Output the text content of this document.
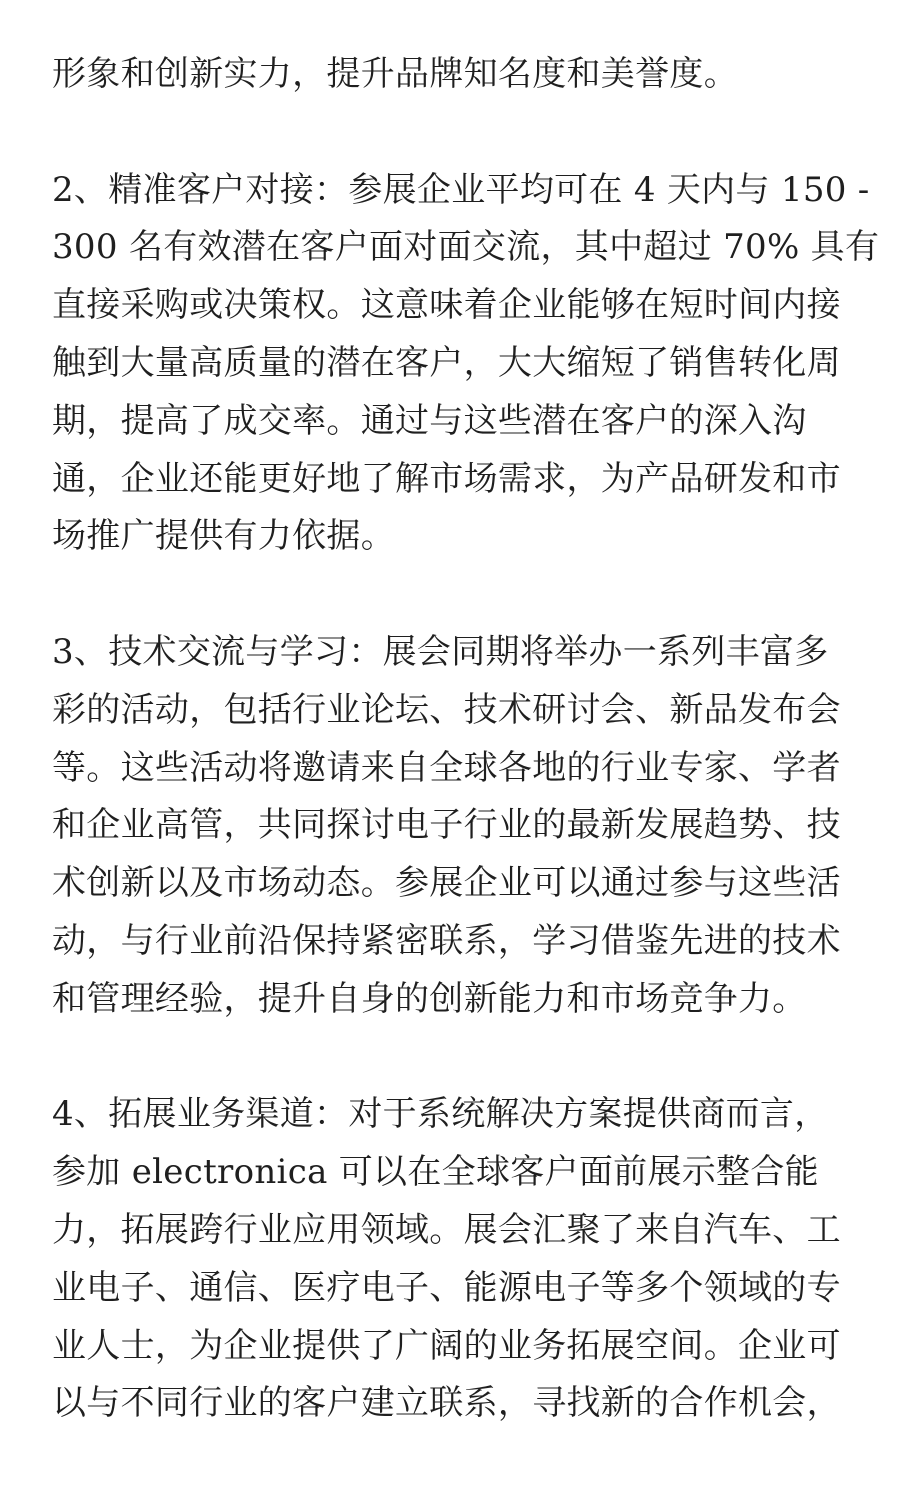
形象和创新实力，提升品牌知名度和美誉度。

2、精准客户对接：参展企业平均可在 4 天内与 150 -
300 名有效潜在客户面对面交流，其中超过 70% 具有
直接采购或决策权。这意味着企业能够在短时间内接
触到大量高质量的潜在客户，大大缩短了销售转化周
期，提高了成交率。通过与这些潜在客户的深入沟
通，企业还能更好地了解市场需求，为产品研发和市
场推广提供有力依据。

3、技术交流与学习：展会同期将举办一系列丰富多
彩的活动，包括行业论坛、技术研讨会、新品发布会
等。这些活动将邀请来自全球各地的行业专家、学者
和企业高管，共同探讨电子行业的最新发展趋势、技
术创新以及市场动态。参展企业可以通过参与这些活
动，与行业前沿保持紧密联系，学习借鉴先进的技术
和管理经验，提升自身的创新能力和市场竞争力。

4、拓展业务渠道：对于系统解决方案提供商而言，
参加 electronica 可以在全球客户面前展示整合能
力，拓展跨行业应用领域。展会汇聚了来自汽车、工
业电子、通信、医疗电子、能源电子等多个领域的专
业人士，为企业提供了广阔的业务拓展空间。企业可
以与不同行业的客户建立联系，寻找新的合作机会，
